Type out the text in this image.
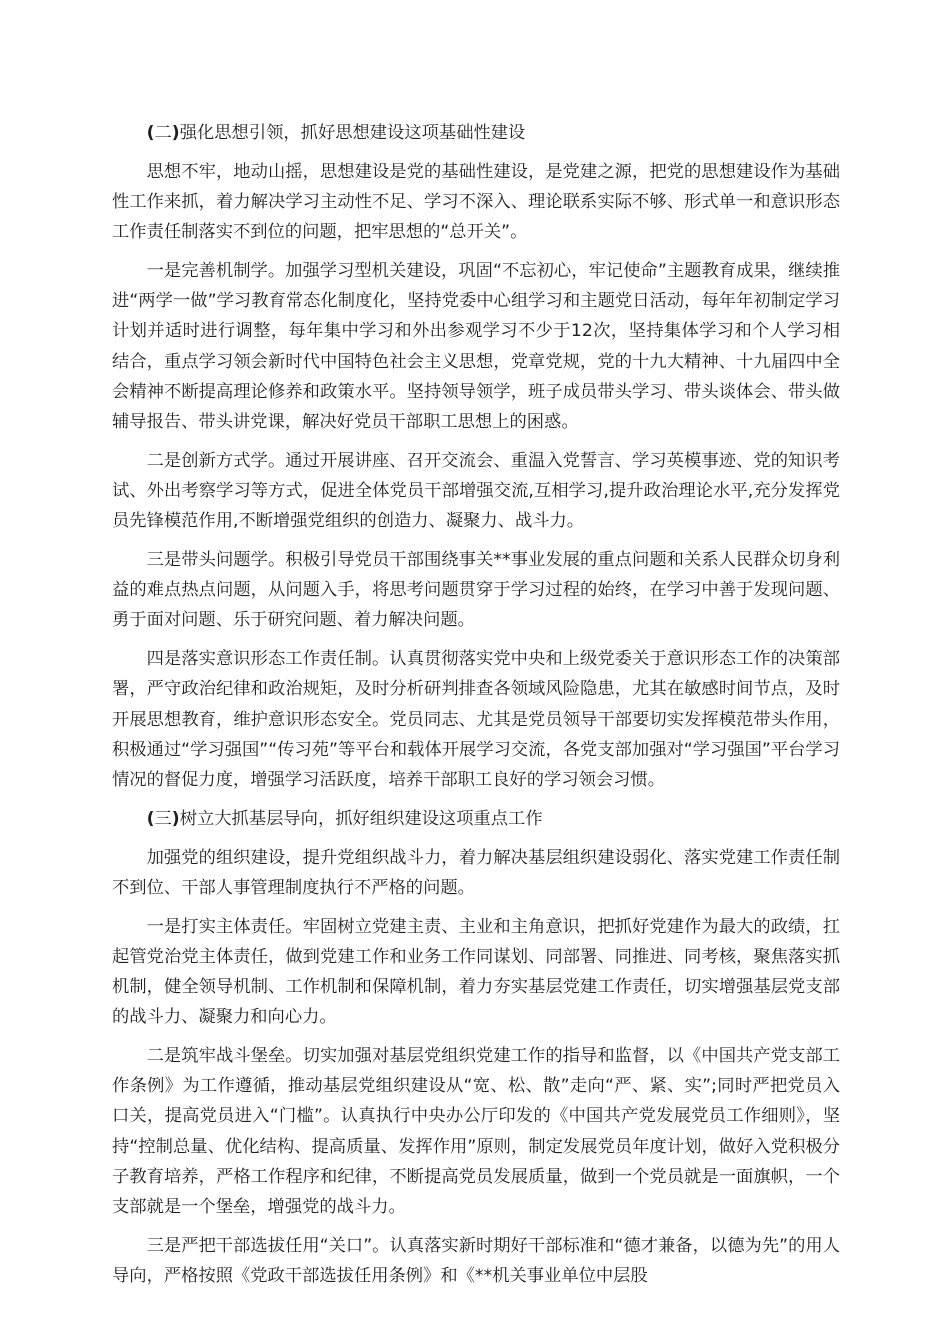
(二)强化思想引领，抓好思想建设这项基础性建设

思想不牢，地动山摇，思想建设是党的基础性建设，是党建之源，把党的思想建设作为基础性工作来抓，着力解决学习主动性不足、学习不深入、理论联系实际不够、形式单一和意识形态工作责任制落实不到位的问题，把牢思想的“总开关”。

一是完善机制学。加强学习型机关建设，巩固“不忘初心，牢记使命”主题教育成果，继续推进“两学一做”学习教育常态化制度化，坚持党委中心组学习和主题党日活动，每年年初制定学习计划并适时进行调整，每年集中学习和外出参观学习不少于12次，坚持集体学习和个人学习相结合，重点学习领会新时代中国特色社会主义思想，党章党规，党的十九大精神、十九届四中全会精神不断提高理论修养和政策水平。坚持领导领学，班子成员带头学习、带头谈体会、带头做辅导报告、带头讲党课，解决好党员干部职工思想上的困惑。

二是创新方式学。通过开展讲座、召开交流会、重温入党誓言、学习英模事迹、党的知识考试、外出考察学习等方式，促进全体党员干部增强交流,互相学习,提升政治理论水平,充分发挥党员先锋模范作用,不断增强党组织的创造力、凝聚力、战斗力。

三是带头问题学。积极引导党员干部围绕事关**事业发展的重点问题和关系人民群众切身利益的难点热点问题，从问题入手，将思考问题贯穿于学习过程的始终，在学习中善于发现问题、勇于面对问题、乐于研究问题、着力解决问题。

四是落实意识形态工作责任制。认真贯彻落实党中央和上级党委关于意识形态工作的决策部署，严守政治纪律和政治规矩，及时分析研判排查各领域风险隐患，尤其在敏感时间节点，及时开展思想教育，维护意识形态安全。党员同志、尤其是党员领导干部要切实发挥模范带头作用，积极通过“学习强国”“传习苑”等平台和载体开展学习交流，各党支部加强对“学习强国”平台学习情况的督促力度，增强学习活跃度，培养干部职工良好的学习领会习惯。

(三)树立大抓基层导向，抓好组织建设这项重点工作

加强党的组织建设，提升党组织战斗力，着力解决基层组织建设弱化、落实党建工作责任制不到位、干部人事管理制度执行不严格的问题。

一是打实主体责任。牢固树立党建主责、主业和主角意识，把抓好党建作为最大的政绩，扛起管党治党主体责任，做到党建工作和业务工作同谋划、同部署、同推进、同考核，聚焦落实抓机制，健全领导机制、工作机制和保障机制，着力夯实基层党建工作责任，切实增强基层党支部的战斗力、凝聚力和向心力。

二是筑牢战斗堡垒。切实加强对基层党组织党建工作的指导和监督，以《中国共产党支部工作条例》为工作遵循，推动基层党组织建设从“宽、松、散”走向“严、紧、实”;同时严把党员入口关，提高党员进入“门槛”。认真执行中央办公厅印发的《中国共产党发展党员工作细则》，坚持“控制总量、优化结构、提高质量、发挥作用”原则，制定发展党员年度计划，做好入党积极分子教育培养，严格工作程序和纪律，不断提高党员发展质量，做到一个党员就是一面旗帜，一个支部就是一个堡垒，增强党的战斗力。

三是严把干部选拔任用“关口”。认真落实新时期好干部标准和“德才兼备，以德为先”的用人导向，严格按照《党政干部选拔任用条例》和《**机关事业单位中层股
